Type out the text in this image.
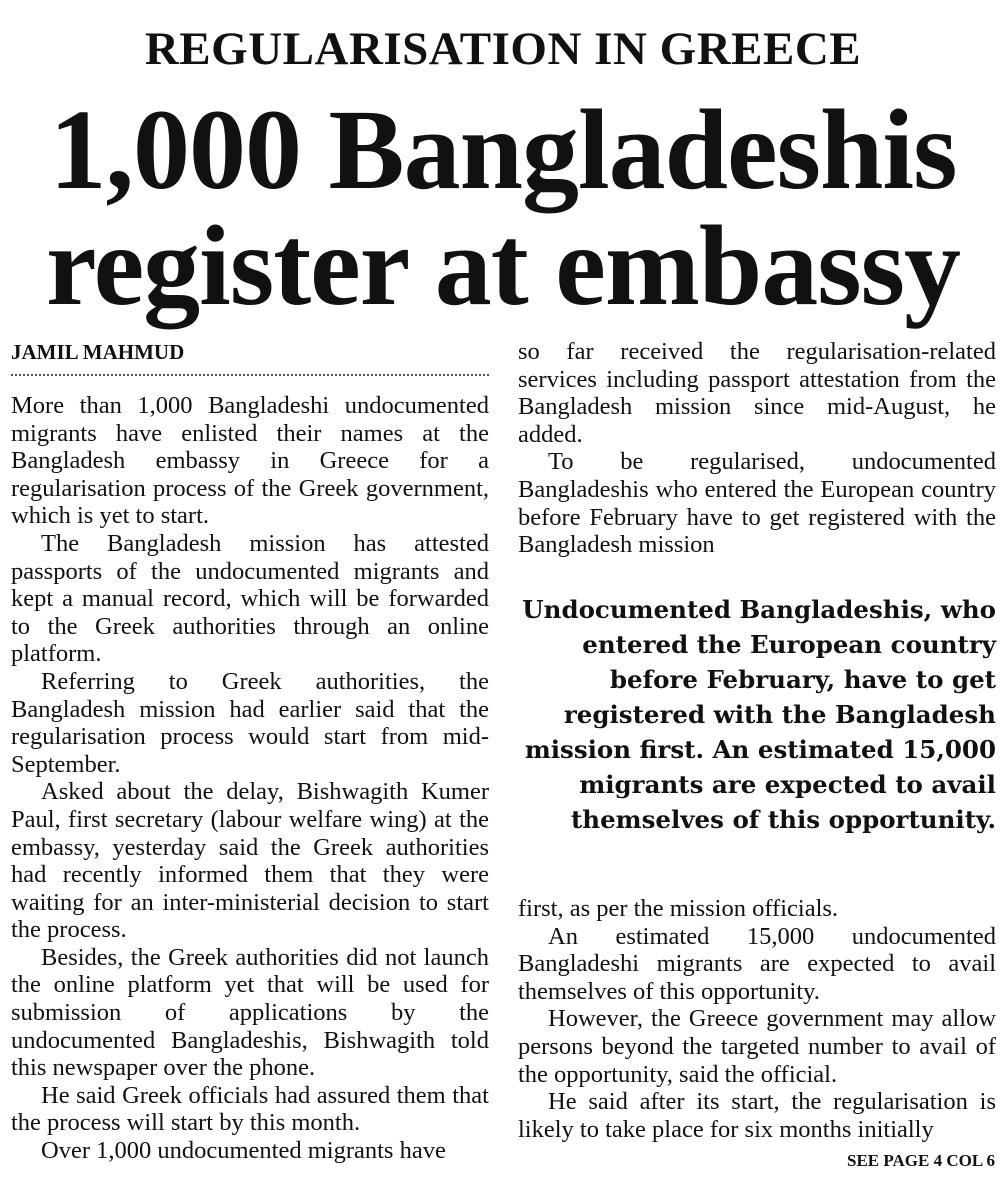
REGULARISATION IN GREECE
1,000 Bangladeshis
register at embassy
JAMIL MAHMUD

More than 1,000 Bangladeshi undocumented migrants have enlisted their names at the Bangladesh embassy in Greece for a regularisation process of the Greek government, which is yet to start.

The Bangladesh mission has attested passports of the undocumented migrants and kept a manual record, which will be forwarded to the Greek authorities through an online platform.

Referring to Greek authorities, the Bangladesh mission had earlier said that the regularisation process would start from mid-September.

Asked about the delay, Bishwagith Kumer Paul, first secretary (labour welfare wing) at the embassy, yesterday said the Greek authorities had recently informed them that they were waiting for an inter-ministerial decision to start the process.

Besides, the Greek authorities did not launch the online platform yet that will be used for submission of applications by the undocumented Bangladeshis, Bishwagith told this newspaper over the phone.

He said Greek officials had assured them that the process will start by this month.

Over 1,000 undocumented migrants have

so far received the regularisation-related services including passport attestation from the Bangladesh mission since mid-August, he added.

To be regularised, undocumented Bangladeshis who entered the European country before February have to get registered with the Bangladesh mission

Undocumented Bangladeshis, who entered the European country before February, have to get registered with the Bangladesh mission first. An estimated 15,000 migrants are expected to avail themselves of this opportunity.

first, as per the mission officials.

An estimated 15,000 undocumented Bangladeshi migrants are expected to avail themselves of this opportunity.

However, the Greece government may allow persons beyond the targeted number to avail of the opportunity, said the official.

He said after its start, the regularisation is likely to take place for six months initially

SEE PAGE 4 COL 6
